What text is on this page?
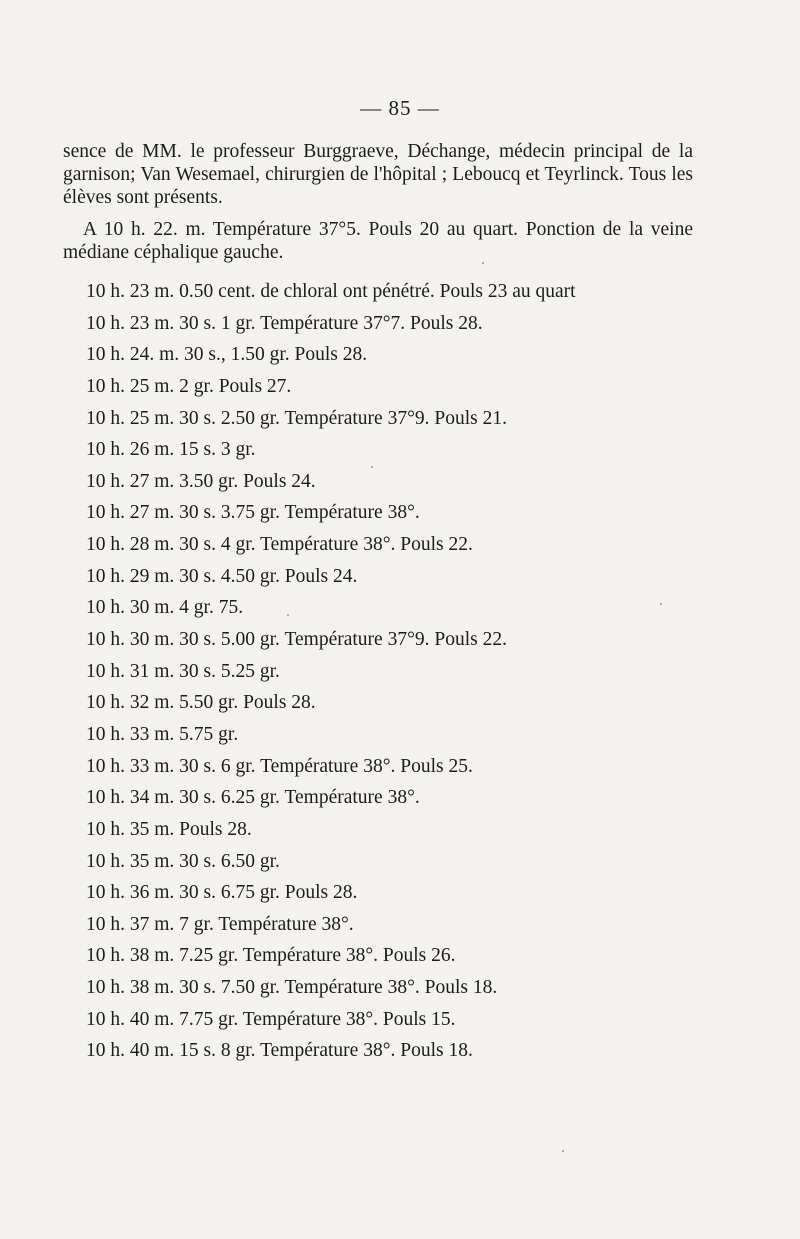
— 85 —

sence de MM. le professeur Burggraeve, Déchange, médecin principal de la garnison; Van Wesemael, chirurgien de l'hôpital ; Leboucq et Teyrlinck. Tous les élèves sont présents.

A 10 h. 22. m. Température 37°5. Pouls 20 au quart. Ponction de la veine médiane céphalique gauche.

10 h. 23 m. 0.50 cent. de chloral ont pénétré. Pouls 23 au quart
10 h. 23 m. 30 s. 1 gr. Température 37°7. Pouls 28.
10 h. 24. m. 30 s., 1.50 gr. Pouls 28.
10 h. 25 m. 2 gr. Pouls 27.
10 h. 25 m. 30 s. 2.50 gr. Température 37°9. Pouls 21.
10 h. 26 m. 15 s. 3 gr.
10 h. 27 m. 3.50 gr. Pouls 24.
10 h. 27 m. 30 s. 3.75 gr. Température 38°.
10 h. 28 m. 30 s. 4 gr. Température 38°. Pouls 22.
10 h. 29 m. 30 s. 4.50 gr. Pouls 24.
10 h. 30 m. 4 gr. 75.
10 h. 30 m. 30 s. 5.00 gr. Température 37°9. Pouls 22.
10 h. 31 m. 30 s. 5.25 gr.
10 h. 32 m. 5.50 gr. Pouls 28.
10 h. 33 m. 5.75 gr.
10 h. 33 m. 30 s. 6 gr. Température 38°. Pouls 25.
10 h. 34 m. 30 s. 6.25 gr. Température 38°.
10 h. 35 m. Pouls 28.
10 h. 35 m. 30 s. 6.50 gr.
10 h. 36 m. 30 s. 6.75 gr. Pouls 28.
10 h. 37 m. 7 gr. Température 38°.
10 h. 38 m. 7.25 gr. Température 38°. Pouls 26.
10 h. 38 m. 30 s. 7.50 gr. Température 38°. Pouls 18.
10 h. 40 m. 7.75 gr. Température 38°. Pouls 15.
10 h. 40 m. 15 s. 8 gr. Température 38°. Pouls 18.
